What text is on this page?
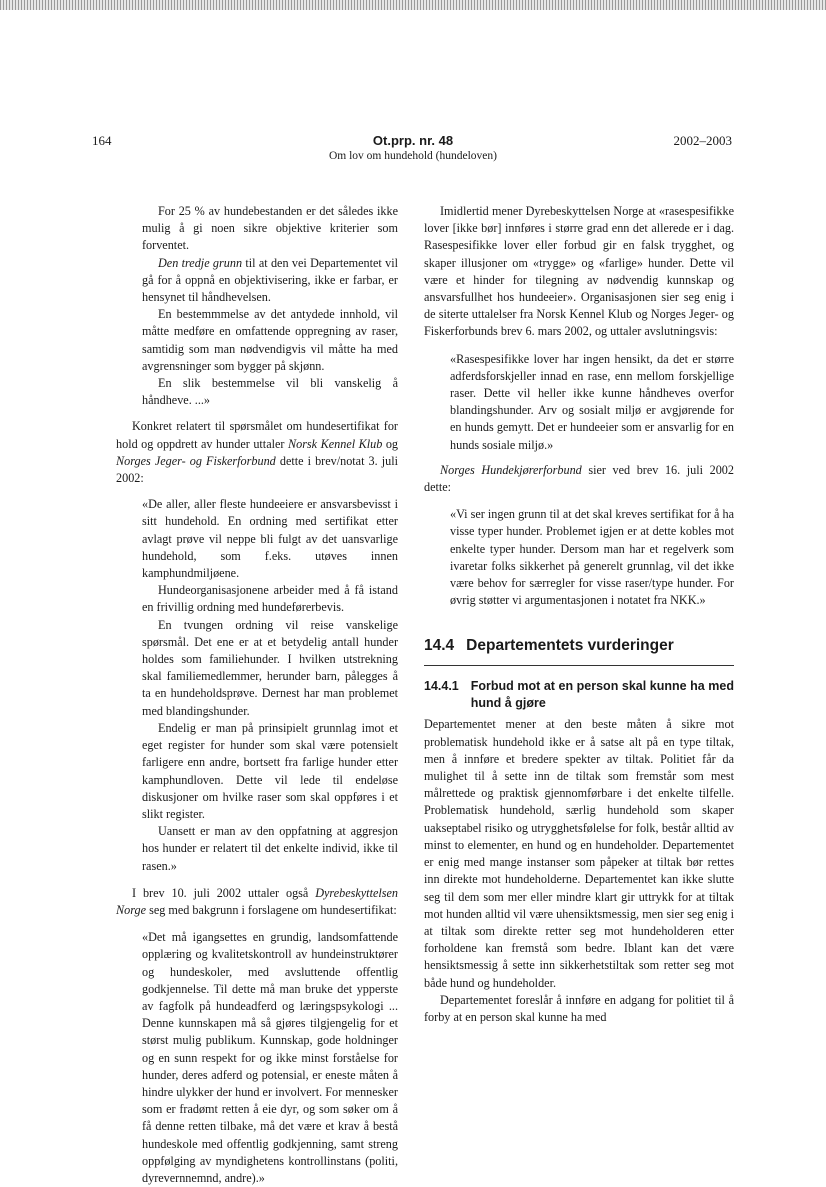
164	Ot.prp. nr. 48
Om lov om hundehold (hundeloven)
2002–2003

For 25 % av hundebestanden er det således ikke mulig å gi noen sikre objektive kriterier som forventet.

Den tredje grunn til at den vei Departementet vil gå for å oppnå en objektivisering, ikke er farbar, er hensynet til håndhevelsen.

En bestemmmelse av det antydede innhold, vil måtte medføre en omfattende oppregning av raser, samtidig som man nødvendigvis vil måtte ha med avgrensninger som bygger på skjønn.

En slik bestemmelse vil bli vanskelig å håndheve. ...»

Konkret relatert til spørsmålet om hundesertifikat for hold og oppdrett av hunder uttaler Norsk Kennel Klub og Norges Jeger- og Fiskerforbund dette i brev/notat 3. juli 2002:

«De aller, aller fleste hundeeiere er ansvarsbevisst i sitt hundehold. En ordning med sertifikat etter avlagt prøve vil neppe bli fulgt av det uansvarlige hundehold, som f.eks. utøves innen kamphundmiljøene.

Hundeorganisasjonene arbeider med å få istand en frivillig ordning med hundeførerbevis.

En tvungen ordning vil reise vanskelige spørsmål. Det ene er at et betydelig antall hunder holdes som familiehunder. I hvilken utstrekning skal familiemedlemmer, herunder barn, pålegges å ta en hundeholdsprøve. Dernest har man problemet med blandingshunder.

Endelig er man på prinsipielt grunnlag imot et eget register for hunder som skal være potensielt farligere enn andre, bortsett fra farlige hunder etter kamphundloven. Dette vil lede til endeløse diskusjoner om hvilke raser som skal oppføres i et slikt register.

Uansett er man av den oppfatning at aggresjon hos hunder er relatert til det enkelte individ, ikke til rasen.»

I brev 10. juli 2002 uttaler også Dyrebeskyttelsen Norge seg med bakgrunn i forslagene om hundesertifikat:

«Det må igangsettes en grundig, landsomfattende opplæring og kvalitetskontroll av hundeinstruktører og hundeskoler, med avsluttende offentlig godkjennelse. Til dette må man bruke det ypperste av fagfolk på hundeadferd og læringspsykologi ... Denne kunnskapen må så gjøres tilgjengelig for et størst mulig publikum. Kunnskap, gode holdninger og en sunn respekt for og ikke minst forståelse for hunder, deres adferd og potensial, er eneste måten å hindre ulykker der hund er involvert. For mennesker som er fradømt retten å eie dyr, og som søker om å få denne retten tilbake, må det være et krav å bestå hundeskole med offentlig godkjenning, samt streng oppfølging av myndighetens kontrollinstans (politi, dyrevernnemnd, andre).»

Imidlertid mener Dyrebeskyttelsen Norge at «rasespesifikke lover [ikke bør] innføres i større grad enn det allerede er i dag. Rasespesifikke lover eller forbud gir en falsk trygghet, og skaper illusjoner om «trygge» og «farlige» hunder. Dette vil være et hinder for tilegning av nødvendig kunnskap og ansvarsfullhet hos hundeeier». Organisasjonen sier seg enig i de siterte uttalelser fra Norsk Kennel Klub og Norges Jeger- og Fiskerforbunds brev 6. mars 2002, og uttaler avslutningsvis:

«Rasespesifikke lover har ingen hensikt, da det er større adferdsforskjeller innad en rase, enn mellom forskjellige raser. Dette vil heller ikke kunne håndheves overfor blandingshunder. Arv og sosialt miljø er avgjørende for en hunds gemytt. Det er hundeeier som er ansvarlig for en hunds sosiale miljø.»

Norges Hundekjørerforbund sier ved brev 16. juli 2002 dette:

«Vi ser ingen grunn til at det skal kreves sertifikat for å ha visse typer hunder. Problemet igjen er at dette kobles mot enkelte typer hunder. Dersom man har et regelverk som ivaretar folks sikkerhet på generelt grunnlag, vil det ikke være behov for særregler for visse raser/type hunder. For øvrig støtter vi argumentasjonen i notatet fra NKK.»

14.4 Departementets vurderinger
14.4.1 Forbud mot at en person skal kunne ha med hund å gjøre

Departementet mener at den beste måten å sikre mot problematisk hundehold ikke er å satse alt på en type tiltak, men å innføre et bredere spekter av tiltak. Politiet får da mulighet til å sette inn de tiltak som fremstår som mest målrettede og praktisk gjennomførbare i det enkelte tilfelle. Problematisk hundehold, særlig hundehold som skaper uakseptabel risiko og utrygghetsfølelse for folk, består alltid av minst to elementer, en hund og en hundeholder. Departementet er enig med mange instanser som påpeker at tiltak bør rettes inn direkte mot hundeholderne. Departementet kan ikke slutte seg til dem som mer eller mindre klart gir uttrykk for at tiltak mot hunden alltid vil være uhensiktsmessig, men sier seg enig i at tiltak som direkte retter seg mot hundeholderen etter forholdene kan fremstå som bedre. Iblant kan det være hensiktsmessig å sette inn sikkerhetstiltak som retter seg mot både hund og hundeholder.

Departementet foreslår å innføre en adgang for politiet til å forby at en person skal kunne ha med
